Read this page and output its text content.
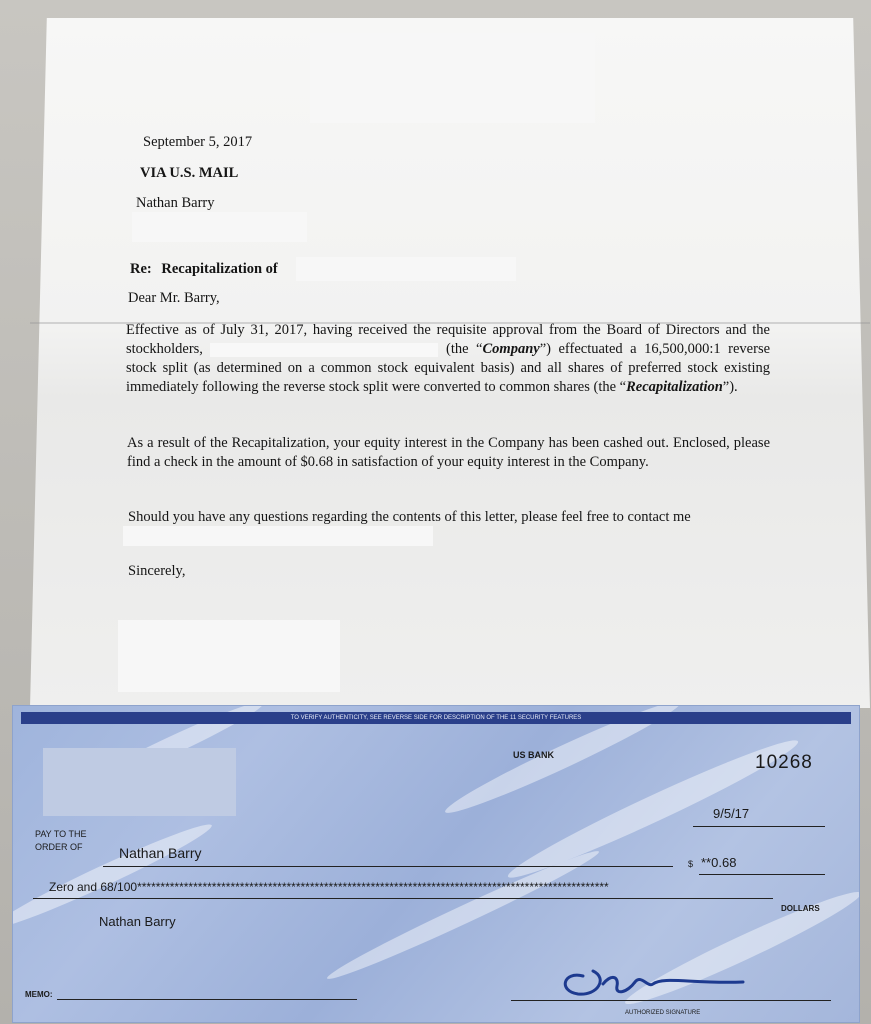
September 5, 2017
VIA U.S. MAIL
Nathan Barry
Re: Recapitalization of
Dear Mr. Barry,
Effective as of July 31, 2017, having received the requisite approval from the Board of Directors and the stockholders,	(the “Company”) effectuated a 16,500,000:1 reverse stock split (as determined on a common stock equivalent basis) and all shares of preferred stock existing immediately following the reverse stock split were converted to common shares (the “Recapitalization”).
As a result of the Recapitalization, your equity interest in the Company has been cashed out. Enclosed, please find a check in the amount of $0.68 in satisfaction of your equity interest in the Company.
Should you have any questions regarding the contents of this letter, please feel free to contact me
Sincerely,
TO VERIFY AUTHENTICITY, SEE REVERSE SIDE FOR DESCRIPTION OF THE 11 SECURITY FEATURES
US BANK	10268
9/5/17
PAY TO THE
ORDER OF	Nathan Barry
$ **0.68
Zero and 68/100*****************************************************************************************************
DOLLARS
Nathan Barry
AUTHORIZED SIGNATURE
MEMO:
